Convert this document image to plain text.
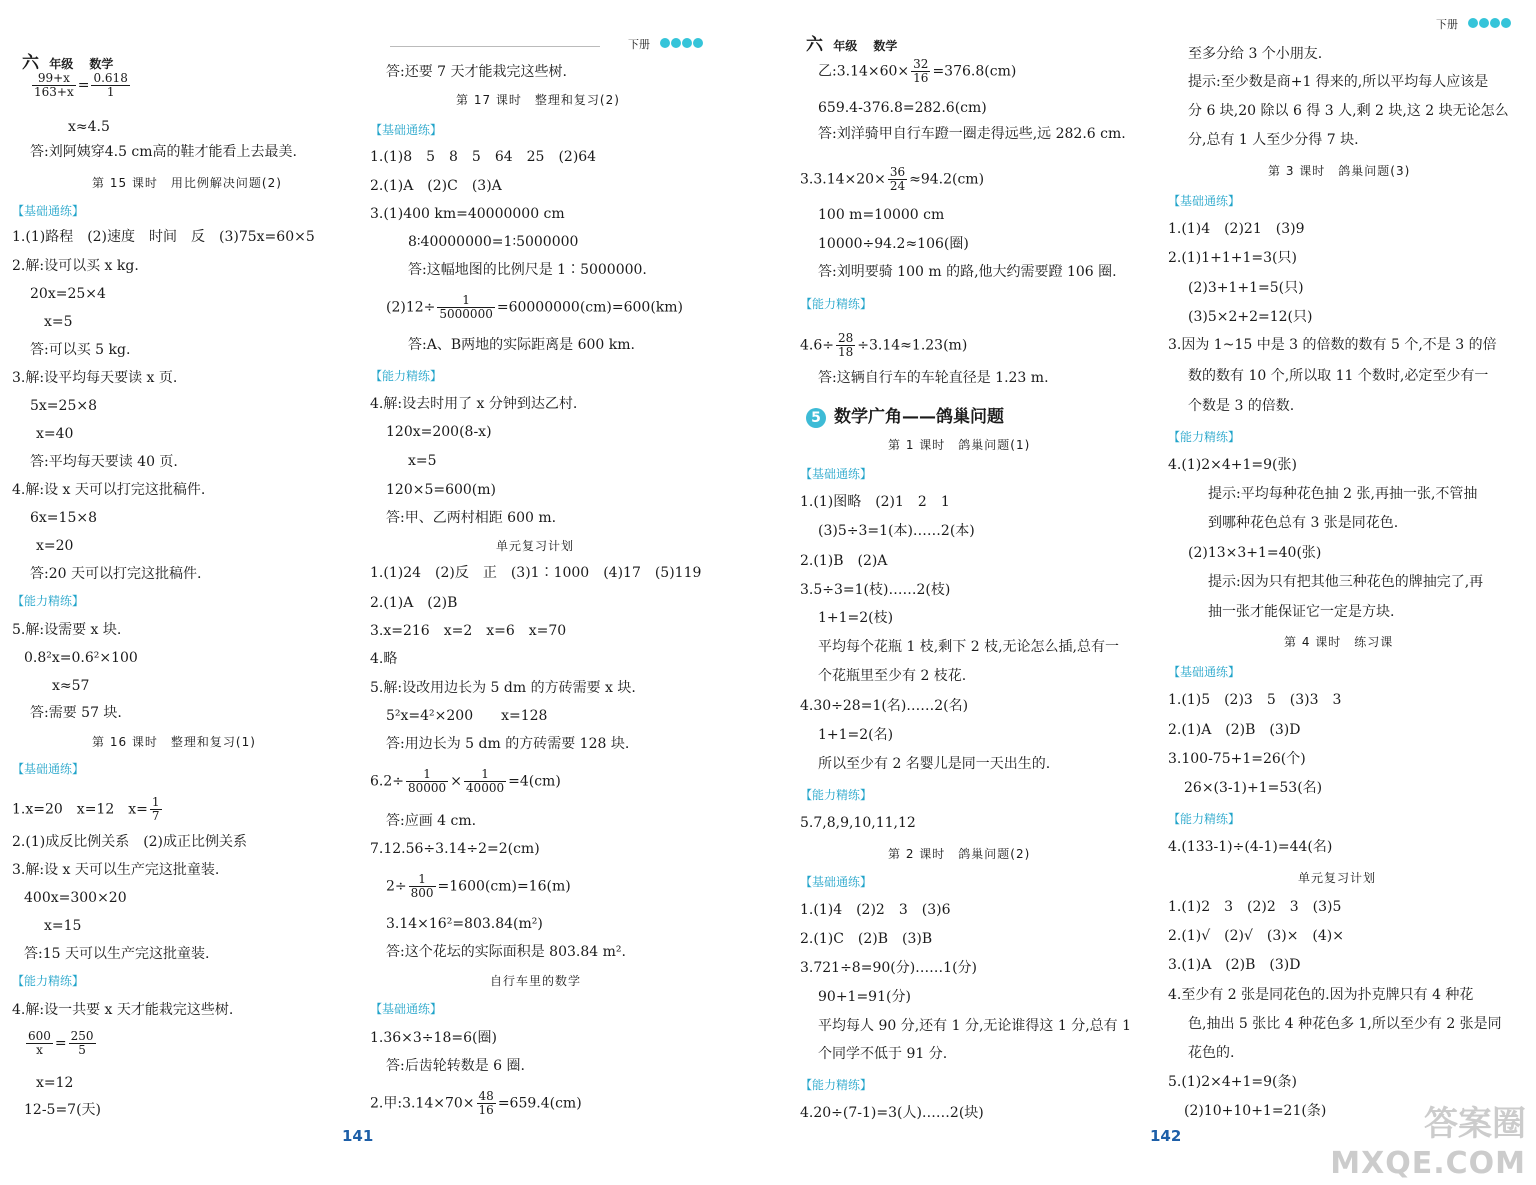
六 年级 数学
下册
$\frac{99+x}{163+x} = \frac{0.618}{1}$
x≈4.5
答:刘阿姨穿4.5 cm高的鞋才能看上去最美.
第 15 课时　用比例解决问题(2)
【基础通练】
1.(1)路程　(2)速度　时间　反　(3)75x=60×5
2.解:设可以买 x kg.
20x=25×4
x=5
答:可以买 5 kg.
3.解:设平均每天要读 x 页.
5x=25×8
x=40
答:平均每天要读 40 页.
4.解:设 x 天可以打完这批稿件.
6x=15×8
x=20
答:20 天可以打完这批稿件.
【能力精练】
5.解:设需要 x 块.
0.8²x=0.6²×100
x≈57
答:需要 57 块.
第 16 课时　整理和复习(1)
【基础通练】
1.x=20　x=12　$x= \frac{1}{7}$
2.(1)成反比例关系　(2)成正比例关系
3.解:设 x 天可以生产完这批童装.
400x=300×20
x=15
答:15 天可以生产完这批童装.
【能力精练】
4.解:设一共要 x 天才能栽完这些树.
$\frac{600}{x} = \frac{250}{5}$
x=12
12-5=7(天)
答:还要 7 天才能栽完这些树.
第 17 课时　整理和复习(2)
【基础通练】
1.(1)8　5　8　5　64　25　(2)64
2.(1)A　(2)C　(3)A
3.(1)400 km=40000000 cm
8∶40000000=1∶5000000
答:这幅地图的比例尺是 1∶5000000.
$(2)12\div \frac{1}{5000000} =60000000(cm)=600(km)$
答:A、B两地的实际距离是 600 km.
【能力精练】
4.解:设去时用了 x 分钟到达乙村.
120x=200(8-x)
x=5
120×5=600(m)
答:甲、乙两村相距 600 m.
单元复习计划
1.(1)24　(2)反　正　(3)1∶1000　(4)17　(5)119
2.(1)A　(2)B
3.x=216　x=2　x=6　x=70
4.略
5.解:设改用边长为 5 dm 的方砖需要 x 块.
5²x=4²×200　　x=128
答:用边长为 5 dm 的方砖需要 128 块.
$6.2\div \frac{1}{80000} \times \frac{1}{40000} =4(cm)$
答:应画 4 cm.
7.12.56÷3.14÷2=2(cm)
$2\div \frac{1}{800} =1600(cm)=16(m)$
3.14×16²=803.84(m²)
答:这个花坛的实际面积是 803.84 m².
自行车里的数学
【基础通练】
1.36×3÷18=6(圈)
答:后齿轮转数是 6 圈.
2.甲:3.14×70× $\frac{48}{16} =659.4(cm)$
141
六 年级 数学
下册
乙:3.14×60× $\frac{32}{16} =376.8(cm)$
659.4-376.8=282.6(cm)
答:刘洋骑甲自行车蹬一圈走得远些,远 282.6 cm.
$3.3.14\times 20\times \frac{36}{24} \approx 94.2(cm)$
100 m=10000 cm
10000÷94.2≈106(圈)
答:刘明要骑 100 m 的路,他大约需要蹬 106 圈.
【能力精练】
$4.6\div \frac{28}{18} \div 3.14\approx 1.23(m)$
答:这辆自行车的车轮直径是 1.23 m.
5 数学广角——鸽巢问题
第 1 课时　鸽巢问题(1)
【基础通练】
1.(1)图略　(2)1　2　1
(3)5÷3=1(本)……2(本)
2.(1)B　(2)A
3.5÷3=1(枝)……2(枝)
1+1=2(枝)
平均每个花瓶 1 枝,剩下 2 枝,无论怎么插,总有一
个花瓶里至少有 2 枝花.
4.30÷28=1(名)……2(名)
1+1=2(名)
所以至少有 2 名婴儿是同一天出生的.
【能力精练】
5.7,8,9,10,11,12
第 2 课时　鸽巢问题(2)
【基础通练】
1.(1)4　(2)2　3　(3)6
2.(1)C　(2)B　(3)B
3.721÷8=90(分)……1(分)
90+1=91(分)
平均每人 90 分,还有 1 分,无论谁得这 1 分,总有 1
个同学不低于 91 分.
【能力精练】
4.20÷(7-1)=3(人)……2(块)
至多分给 3 个小朋友.
提示:至少数是商+1 得来的,所以平均每人应该是
分 6 块,20 除以 6 得 3 人,剩 2 块,这 2 块无论怎么
分,总有 1 人至少分得 7 块.
第 3 课时　鸽巢问题(3)
【基础通练】
1.(1)4　(2)21　(3)9
2.(1)1+1+1=3(只)
(2)3+1+1=5(只)
(3)5×2+2=12(只)
3.因为 1~15 中是 3 的倍数的数有 5 个,不是 3 的倍
数的数有 10 个,所以取 11 个数时,必定至少有一
个数是 3 的倍数.
【能力精练】
4.(1)2×4+1=9(张)
提示:平均每种花色抽 2 张,再抽一张,不管抽
到哪种花色总有 3 张是同花色.
(2)13×3+1=40(张)
提示:因为只有把其他三种花色的牌抽完了,再
抽一张才能保证它一定是方块.
第 4 课时　练习课
【基础通练】
1.(1)5　(2)3　5　(3)3　3
2.(1)A　(2)B　(3)D
3.100-75+1=26(个)
26×(3-1)+1=53(名)
【能力精练】
4.(133-1)÷(4-1)=44(名)
单元复习计划
1.(1)2　3　(2)2　3　(3)5
2.(1)√　(2)√　(3)×　(4)×
3.(1)A　(2)B　(3)D
4.至少有 2 张是同花色的.因为扑克牌只有 4 种花
色,抽出 5 张比 4 种花色多 1,所以至少有 2 张是同
花色的.
5.(1)2×4+1=9(条)
(2)10+10+1=21(条)
142	答案圈
MXQE.COM
